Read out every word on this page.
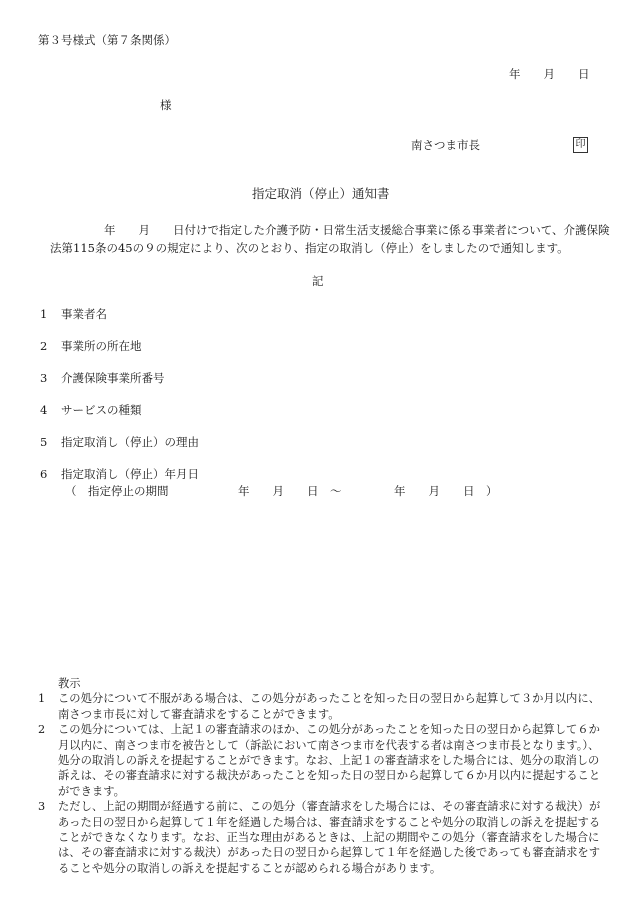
第３号様式（第７条関係）
年　　月　　日
様
南さつま市長	印
指定取消（停止）通知書
年　　月　　日付けで指定した介護予防・日常生活支援総合事業に係る事業者について、介護保険
法第115条の45の９の規定により、次のとおり、指定の取消し（停止）をしましたので通知します。
記
1 事業者名
2 事業所の所在地
3 介護保険事業所番号
4 サービスの種類
5 指定取消し（停止）の理由
6 指定取消し（停止）年月日
（　指定停止の期間	年　　月　　日　～	年　　月　　日　）
教示
1	この処分について不服がある場合は、この処分があったことを知った日の翌日から起算して３か月以内に、南さつま市長に対して審査請求をすることができます。
2	この処分については、上記１の審査請求のほか、この処分があったことを知った日の翌日から起算して６か月以内に、南さつま市を被告として（訴訟において南さつま市を代表する者は南さつま市長となります。）、処分の取消しの訴えを提起することができます。なお、上記１の審査請求をした場合には、処分の取消しの訴えは、その審査請求に対する裁決があったことを知った日の翌日から起算して６か月以内に提起することができます。
3	ただし、上記の期間が経過する前に、この処分（審査請求をした場合には、その審査請求に対する裁決）があった日の翌日から起算して１年を経過した場合は、審査請求をすることや処分の取消しの訴えを提起することができなくなります。なお、正当な理由があるときは、上記の期間やこの処分（審査請求をした場合には、その審査請求に対する裁決）があった日の翌日から起算して１年を経過した後であっても審査請求をすることや処分の取消しの訴えを提起することが認められる場合があります。
